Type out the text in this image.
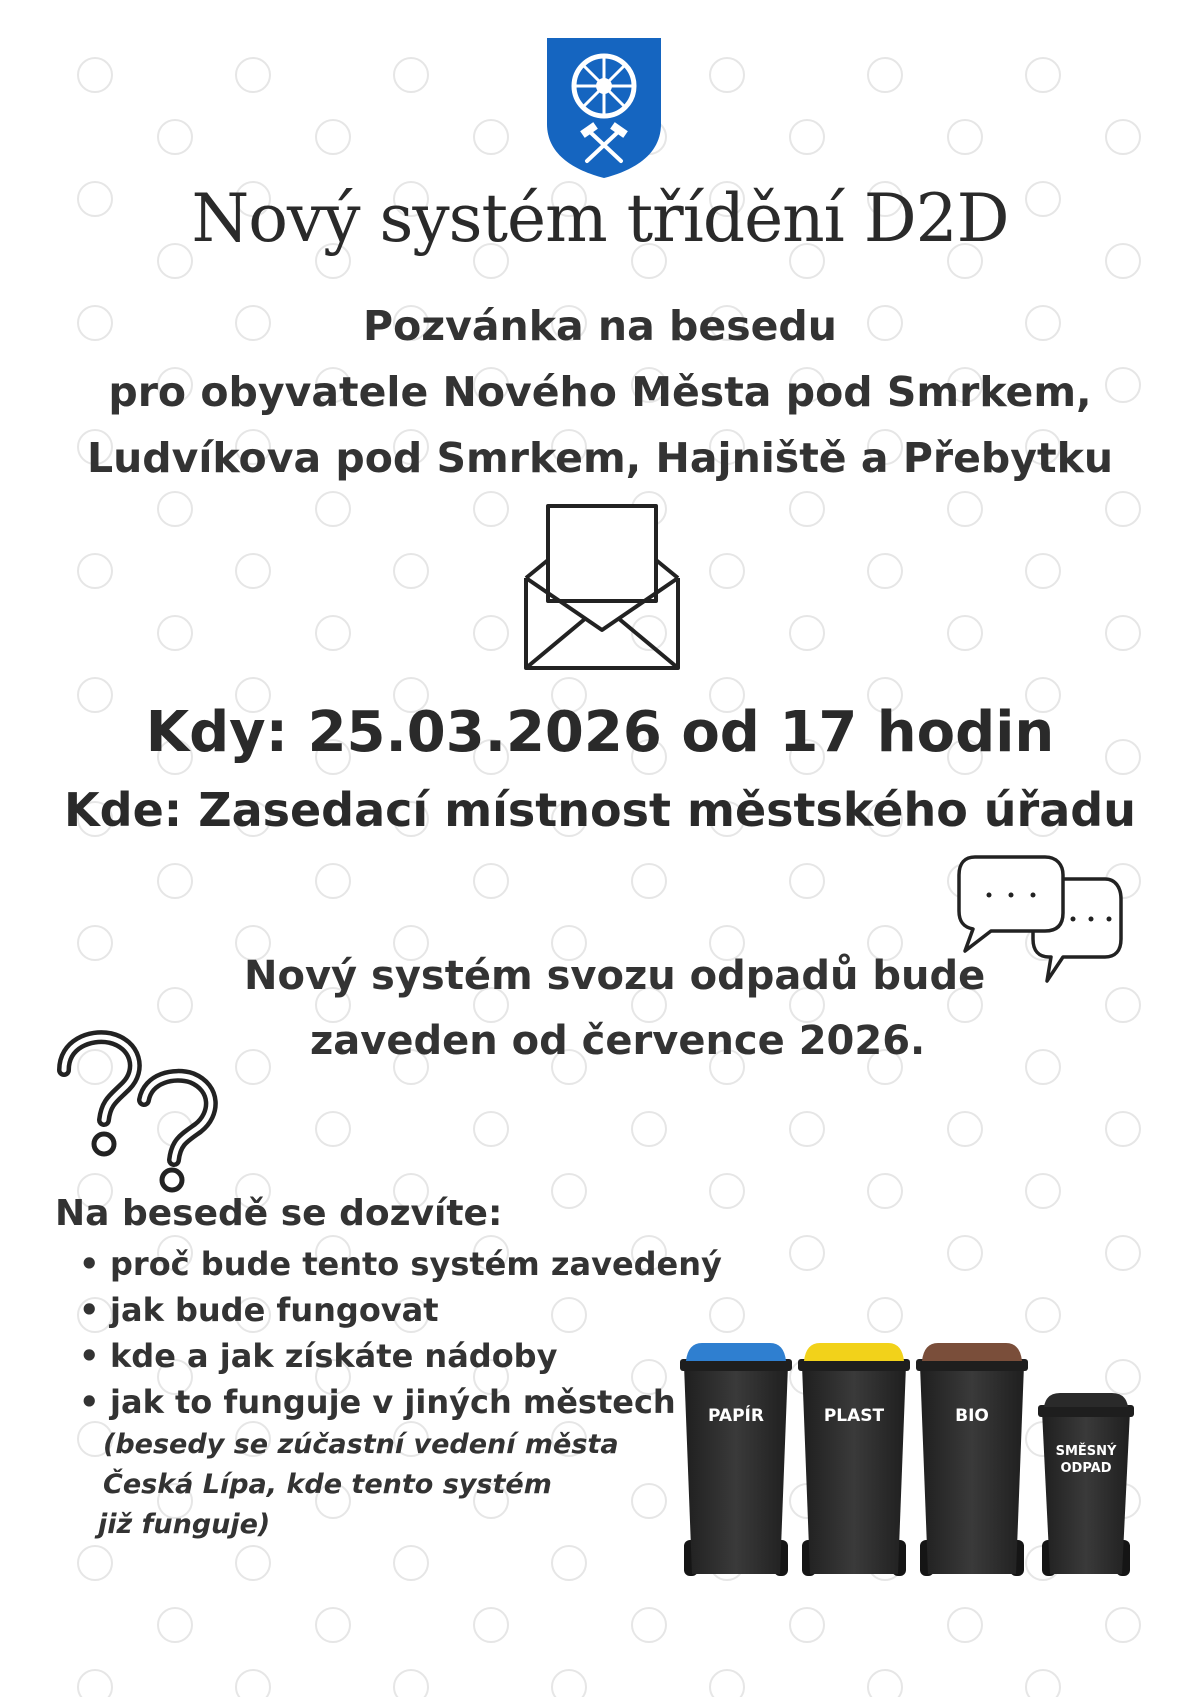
Nový systém třídění D2D
Pozvánka na besedu
pro obyvatele Nového Města pod Smrkem,
Ludvíkova pod Smrkem, Hajniště a Přebytku
Kdy: 25.03.2026 od 17 hodin
Kde: Zasedací místnost městského úřadu
Nový systém svozu odpadů bude
zaveden od července 2026.
Na besedě se dozvíte:
• proč bude tento systém zavedený
• jak bude fungovat
• kde a jak získáte nádoby
• jak to funguje v jiných městech
(besedy se zúčastní vedení města
Česká Lípa, kde tento systém
již funguje)
PAPÍR	PLAST	BIO
SMĚSNÝ
ODPAD
